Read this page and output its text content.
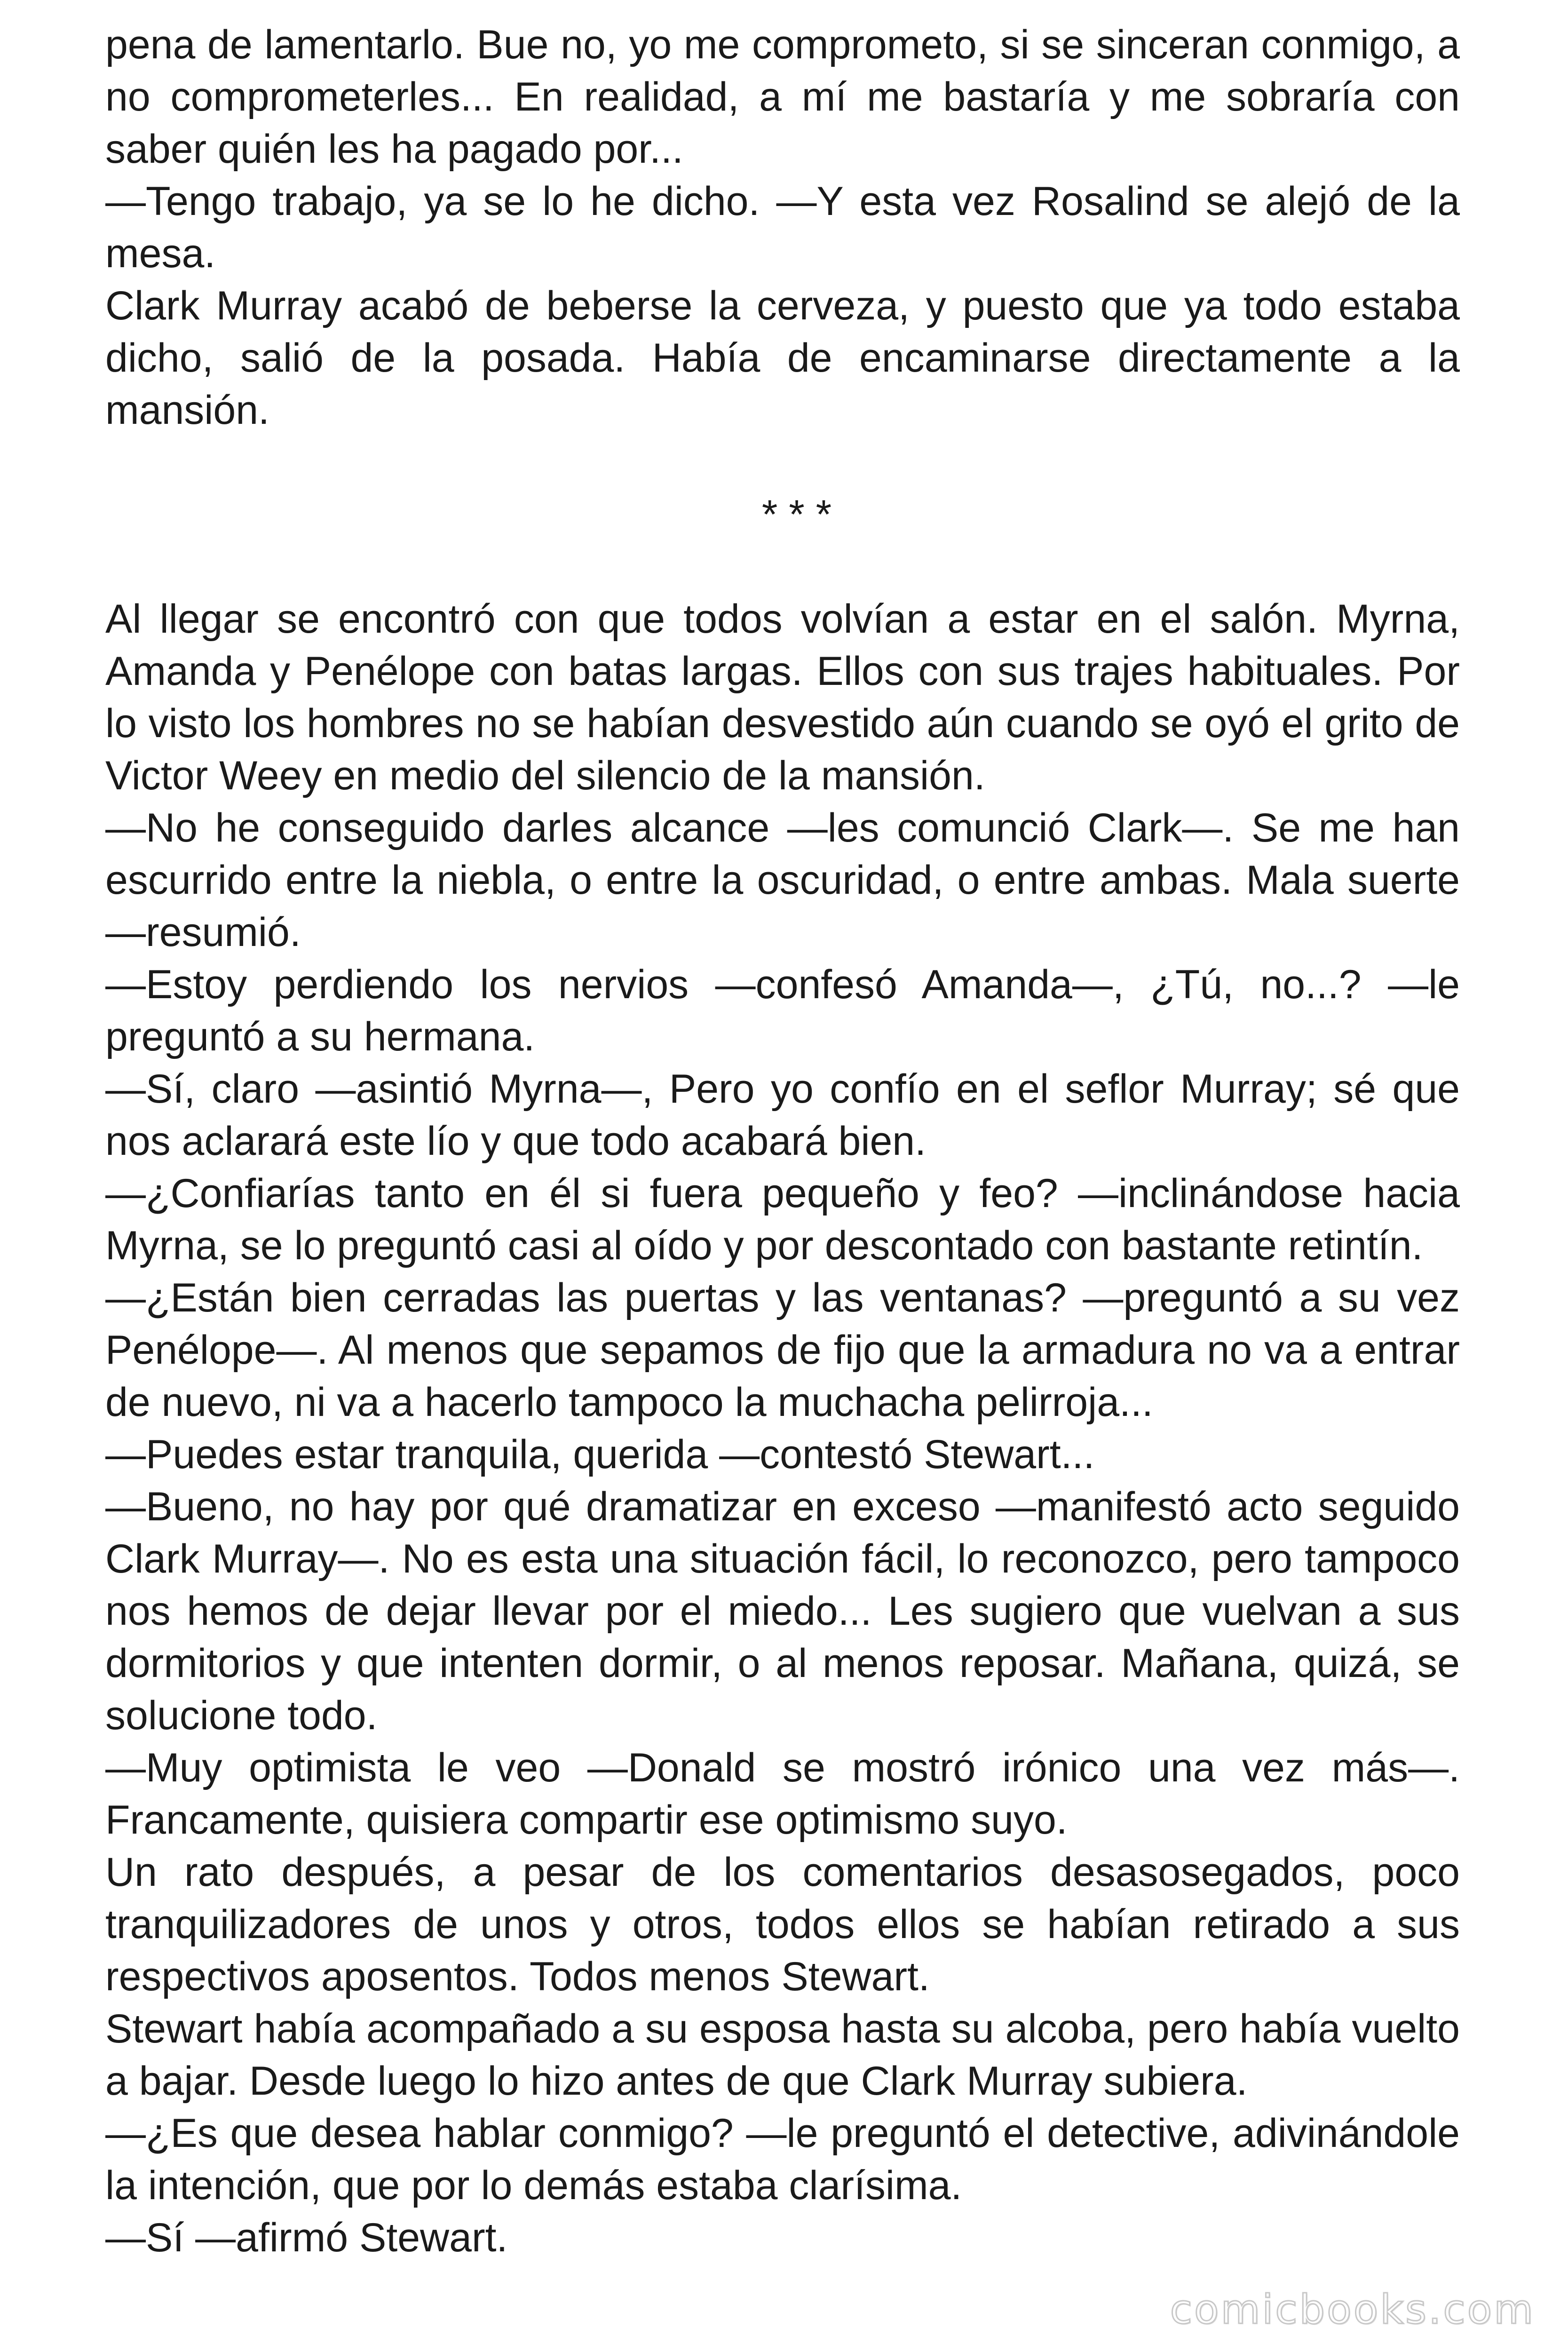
pena de lamentarlo. Bue no, yo me comprometo, si se sinceran conmigo, a no comprometerles... En realidad, a mí me bastaría y me sobraría con saber quién les ha pagado por...

—Tengo trabajo, ya se lo he dicho. —Y esta vez Rosalind se alejó de la mesa.

Clark Murray acabó de beberse la cerveza, y puesto que ya todo estaba dicho, salió de la posada. Había de encaminarse directamente a la mansión.

* * *

Al llegar se encontró con que todos volvían a estar en el salón. Myrna, Amanda y Penélope con batas largas. Ellos con sus trajes habituales. Por lo visto los hombres no se habían desvestido aún cuando se oyó el grito de Victor Weey en medio del silencio de la mansión.

—No he conseguido darles alcance —les comunció Clark—. Se me han escurrido entre la niebla, o entre la oscuridad, o entre ambas. Mala suerte —resumió.

—Estoy perdiendo los nervios —confesó Amanda—, ¿Tú, no...? —le preguntó a su hermana.

—Sí, claro —asintió Myrna—, Pero yo confío en el seflor Murray; sé que nos aclarará este lío y que todo acabará bien.

—¿Confiarías tanto en él si fuera pequeño y feo? —inclinándose hacia Myrna, se lo preguntó casi al oído y por descontado con bastante retintín.

—¿Están bien cerradas las puertas y las ventanas? —preguntó a su vez Penélope—. Al menos que sepamos de fijo que la armadura no va a entrar de nuevo, ni va a hacerlo tampoco la muchacha pelirroja...

—Puedes estar tranquila, querida —contestó Stewart...

—Bueno, no hay por qué dramatizar en exceso —manifestó acto seguido Clark Murray—. No es esta una situación fácil, lo reconozco, pero tampoco nos hemos de dejar llevar por el miedo... Les sugiero que vuelvan a sus dormitorios y que intenten dormir, o al menos reposar. Mañana, quizá, se solucione todo.

—Muy optimista le veo —Donald se mostró irónico una vez más—. Francamente, quisiera compartir ese optimismo suyo.

Un rato después, a pesar de los comentarios desasosegados, poco tranquilizadores de unos y otros, todos ellos se habían retirado a sus respectivos aposentos. Todos menos Stewart.

Stewart había acompañado a su esposa hasta su alcoba, pero había vuelto a bajar. Desde luego lo hizo antes de que Clark Murray subiera.

—¿Es que desea hablar conmigo? —le preguntó el detective, adivinándole la intención, que por lo demás estaba clarísima.

—Sí —afirmó Stewart.

comicbooks.com
